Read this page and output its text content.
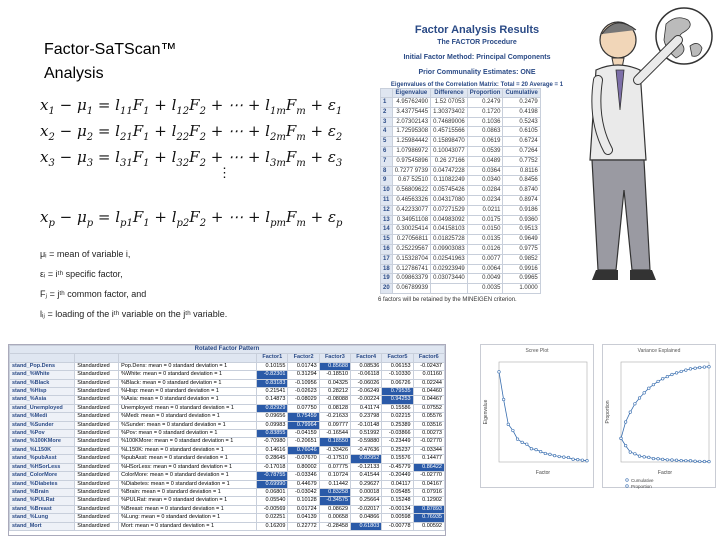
Factor-SaTScan™
Analysis
$x_1 - \mu_1 = l_{11}F_1 + l_{12}F_2$ + ⋯ + $l_{1m}F_m + \varepsilon_1$
$x_2 - \mu_2 = l_{21}F_1 + l_{22}F_2$ + ⋯ + $l_{2m}F_m + \varepsilon_2$
$x_3 - \mu_3 = l_{31}F_1 + l_{32}F_2$ + ⋯ + $l_{3m}F_m + \varepsilon_3$
⋮
$x_p - \mu_p = l_{p1}F_1 + l_{p2}F_2$ + ⋯ + $l_{pm}F_m + \varepsilon_p$
μᵢ = mean of variable i,
εᵢ = iᵗʰ specific factor,
Fⱼ = jᵗʰ common factor, and
lᵢⱼ = loading of the iᵗʰ variable on the jᵗʰ variable.
Factor Analysis Results
The FACTOR Procedure
Initial Factor Method: Principal Components
Prior Communality Estimates: ONE
Eigenvalues of the Correlation Matrix: Total = 20 Average = 1
	Eigenvalue	Difference	Proportion	Cumulative
1	4.95762490	1.52 07053	0.2479	0.2479
2	3.43775445	1.30373402	0.1720	0.4198
3	2.07302143	0.74689006	0.1036	0.5243
4	1.72595308	0.45715566	0.0863	0.6105
5	1.25984442	0.15898470	0.0619	0.6724
6	1.07986972	0.10043077	0.0539	0.7264
7	0.97545896	0.26 27166	0.0489	0.7752
8	0.7277 9739	0.04747228	0.0364	0.8116
9	0.67 52510	0.11082249	0.0340	0.8456
10	0.56809622	0.05745426	0.0284	0.8740
11	0.46563326	0.04317080	0.0234	0.8974
12	0.42233077	0.07271529	0.0211	0.9186
13	0.34951108	0.04983092	0.0175	0.9360
14	0.30025414	0.04158103	0.0150	0.9513
15	0.27056811	0.01825728	0.0135	0.9649
16	0.25229567	0.09903083	0.0126	0.9775
17	0.15328704	0.02541963	0.0077	0.9852
18	0.12786741	0.02923949	0.0064	0.9916
19	0.09863379	0.03073440	0.0049	0.9965
20	0.06789939		0.0035	1.0000
6 factors will be retained by the MINEIGEN criterion.
Rotated Factor Pattern								
			Factor1	Factor2	Factor3	Factor4	Factor5	Factor6
stand_Pop.Dens	Standardized	Pop.Dens: mean = 0 standard deviation = 1	0.10155	0.01743	0.85688	0.08536	0.06153	-0.02437
stand_%White	Standardized	%White: mean = 0 standard deviation = 1	-0.82301	0.31294	-0.18510	-0.06118	-0.10330	0.01160
stand_%Black	Standardized	%Black: mean = 0 standard deviation = 1	0.83183	-0.10956	0.04325	-0.06026	0.06726	0.02244
stand_%Hisp	Standardized	%Hisp: mean = 0 standard deviation = 1	0.21541	-0.02623	0.28212	-0.06249	0.79535	0.04460
stand_%Asia	Standardized	%Asia: mean = 0 standard deviation = 1	0.14873	-0.08029	-0.08088	-0.00224	0.94253	0.04467
stand_Unemployed	Standardized	Unemployed: mean = 0 standard deviation = 1	0.82929	0.07750	0.08128	0.41174	0.15586	0.07552
stand_%Medi	Standardized	%Medi: mean = 0 standard deviation = 1	0.09656	0.75459	-0.21633	0.23798	0.02215	0.05576
stand_%Sunder	Standardized	%Sunder: mean = 0 standard deviation = 1	0.09983	0.79964	0.09777	-0.10148	0.25389	0.03516
stand_%Pov	Standardized	%Pov: mean = 0 standard deviation = 1	0.83855	-0.04159	-0.16544	0.51992	-0.03866	0.00273
stand_%100KMore	Standardized	%100KMore: mean = 0 standard deviation = 1	-0.70980	-0.20651	0.18550	-0.59880	-0.23449	-0.02770
stand_%L150K	Standardized	%L150K: mean = 0 standard deviation = 1	0.14616	0.76046	-0.33426	-0.47636	0.25237	-0.03344
stand_%pubAsst	Standardized	%pubAsst: mean = 0 standard deviation = 1	0.28645	-0.07670	-0.17510	0.82952	0.15576	0.14477
stand_%HSorLess	Standardized	%HSorLess: mean = 0 standard deviation = 1	-0.17018	0.80002	0.07775	-0.12133	-0.45779	0.86422
stand_ColorMore	Standardized	ColorMore: mean = 0 standard deviation = 1	-0.78755	-0.03346	0.10724	0.41544	-0.20449	-0.02770
stand_%Diabetes	Standardized	%Diabetes: mean = 0 standard deviation = 1	0.69990	0.44679	0.11442	0.29627	0.04117	0.04167
stand_%Brain	Standardized	%Brain: mean = 0 standard deviation = 1	0.06801	-0.03042	0.83258	0.00018	0.05485	0.07916
stand_%PULRat	Standardized	%PULRat: mean = 0 standard deviation = 1	0.05540	0.10128	-0.34575	0.25664	0.15248	0.12902
stand_%Breast	Standardized	%Breast: mean = 0 standard deviation = 1	-0.00569	0.01724	0.08629	-0.02017	-0.00134	0.87893
stand_%Lung	Standardized	%Lung: mean = 0 standard deviation = 1	0.02251	0.04139	0.00658	0.04866	0.00598	0.76935
stand_Mort	Standardized	Mort: mean = 0 standard deviation = 1	0.16209	0.22772	-0.28458	0.61803	-0.00778	0.00592
Scree Plot
Factor
Eigenvalue
Variance Explained
Factor
Proportion
Cumulative
Proportion
